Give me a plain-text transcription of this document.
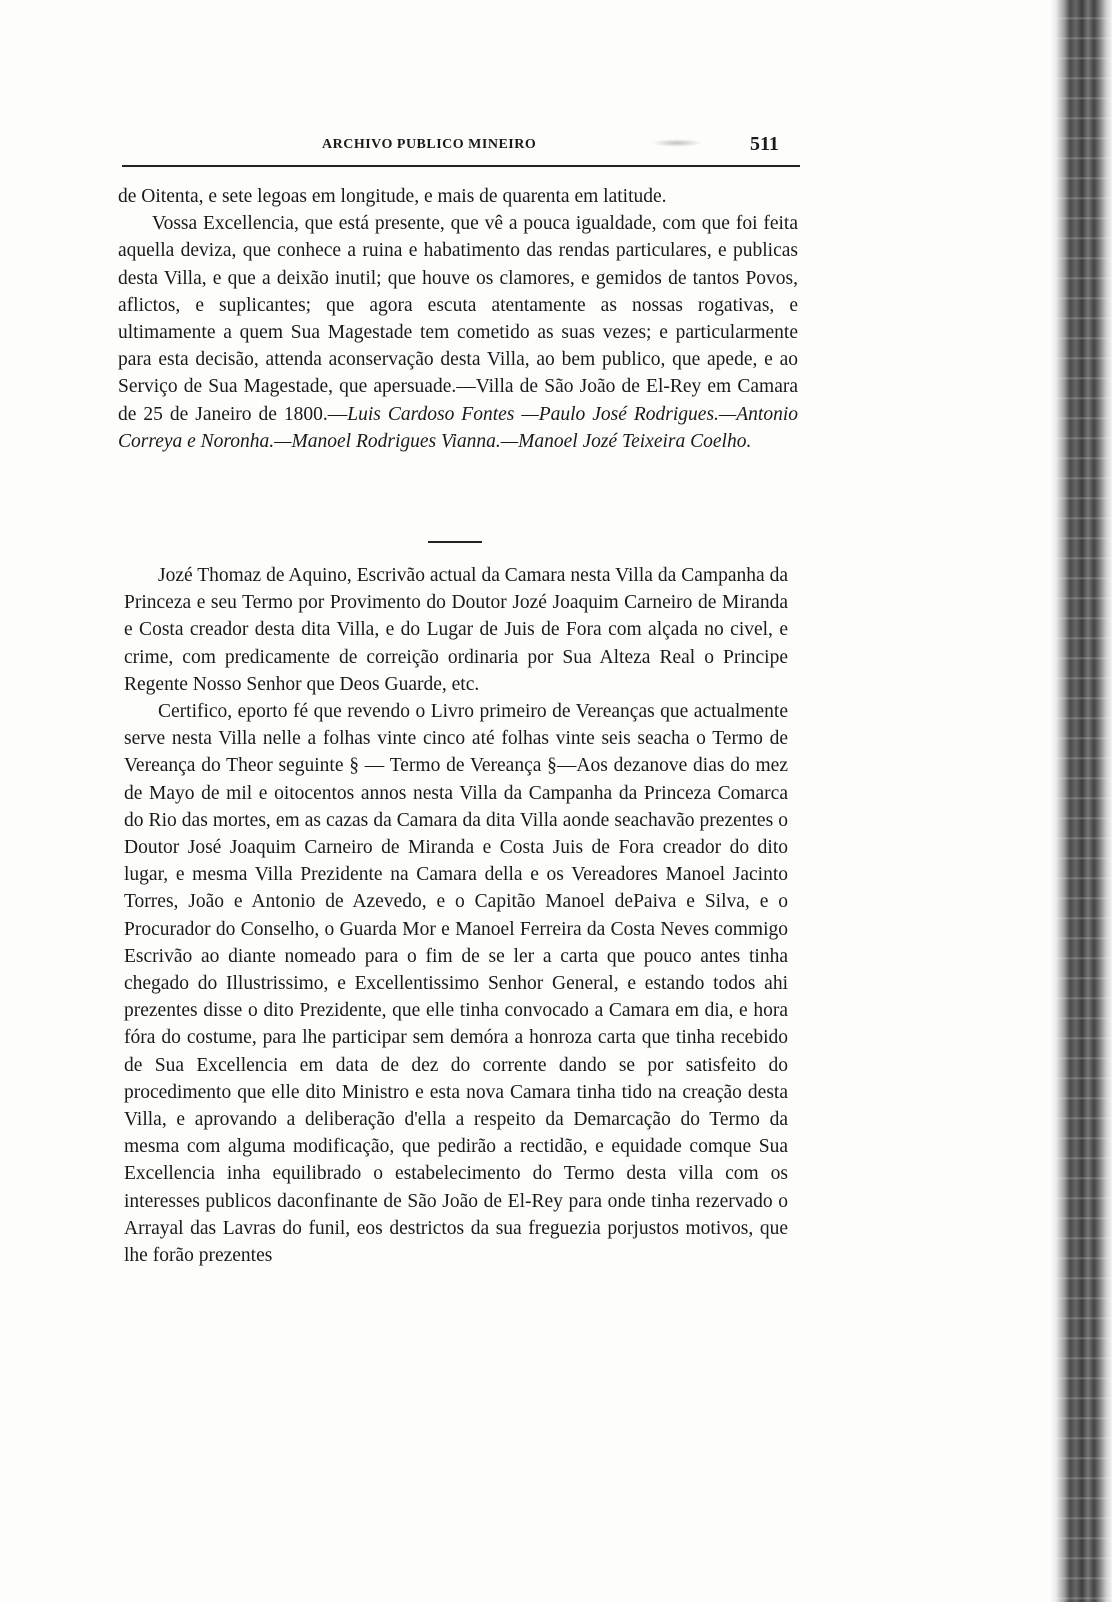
ARCHIVO PUBLICO MINEIRO	511

de Oitenta, e sete legoas em longitude, e mais de quarenta em latitude.

Vossa Excellencia, que está presente, que vê a pouca igualdade, com que foi feita aquella deviza, que conhece a ruina e habatimento das rendas particulares, e publicas desta Villa, e que a deixão inutil; que houve os clamores, e gemidos de tantos Povos, aflictos, e suplicantes; que agora escuta atentamente as nossas rogativas, e ultimamente a quem Sua Magestade tem cometido as suas vezes; e particularmente para esta decisão, attenda aconservação desta Villa, ao bem publico, que apede, e ao Serviço de Sua Magestade, que apersuade.—Villa de São João de El-Rey em Camara de 25 de Janeiro de 1800.—Luis Cardoso Fontes —Paulo José Rodrigues.—Antonio Correya e Noronha.—Manoel Rodrigues Vianna.—Manoel Jozé Teixeira Coelho.

Jozé Thomaz de Aquino, Escrivão actual da Camara nesta Villa da Campanha da Princeza e seu Termo por Provimento do Doutor Jozé Joaquim Carneiro de Miranda e Costa creador desta dita Villa, e do Lugar de Juis de Fora com alçada no civel, e crime, com predicamente de correição ordinaria por Sua Alteza Real o Principe Regente Nosso Senhor que Deos Guarde, etc.

Certifico, eporto fé que revendo o Livro primeiro de Vereanças que actualmente serve nesta Villa nelle a folhas vinte cinco até folhas vinte seis seacha o Termo de Vereança do Theor seguinte § — Termo de Vereança §—Aos dezanove dias do mez de Mayo de mil e oitocentos annos nesta Villa da Campanha da Princeza Comarca do Rio das mortes, em as cazas da Camara da dita Villa aonde seachavão prezentes o Doutor José Joaquim Carneiro de Miranda e Costa Juis de Fora creador do dito lugar, e mesma Villa Prezidente na Camara della e os Vereadores Manoel Jacinto Torres, João e Antonio de Azevedo, e o Capitão Manoel dePaiva e Silva, e o Procurador do Conselho, o Guarda Mor e Manoel Ferreira da Costa Neves commigo Escrivão ao diante nomeado para o fim de se ler a carta que pouco antes tinha chegado do Illustrissimo, e Excellentissimo Senhor General, e estando todos ahi prezentes disse o dito Prezidente, que elle tinha convocado a Camara em dia, e hora fóra do costume, para lhe participar sem demóra a honroza carta que tinha recebido de Sua Excellencia em data de dez do corrente dando se por satisfeito do procedimento que elle dito Ministro e esta nova Camara tinha tido na creação desta Villa, e aprovando a deliberação d'ella a respeito da Demarcação do Termo da mesma com alguma modificação, que pedirão a rectidão, e equidade comque Sua Excellencia inha equilibrado o estabelecimento do Termo desta villa com os interesses publicos daconfinante de São João de El-Rey para onde tinha rezervado o Arrayal das Lavras do funil, eos destrictos da sua freguezia porjustos motivos, que lhe forão prezentes
